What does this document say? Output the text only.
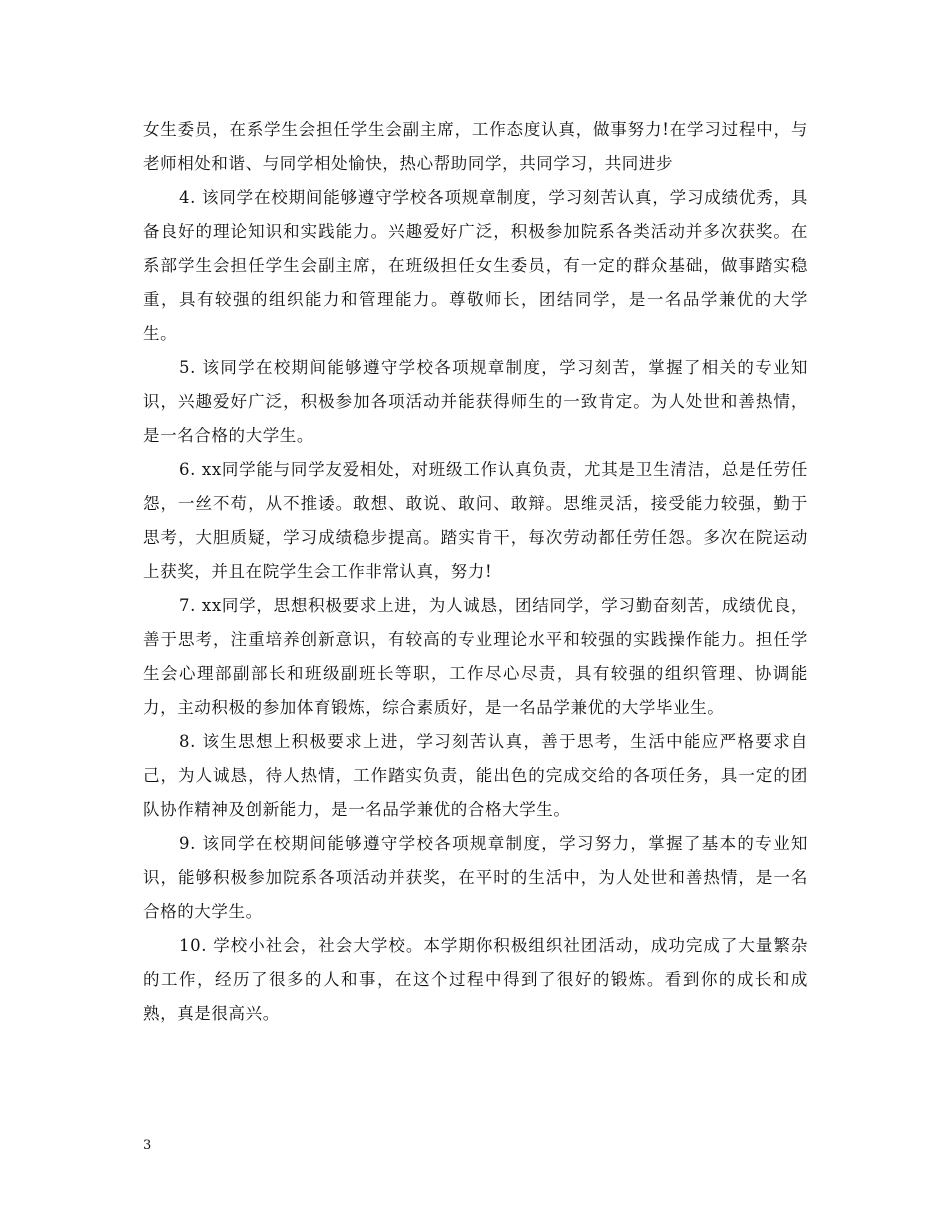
女生委员，在系学生会担任学生会副主席，工作态度认真，做事努力!在学习过程中，与老师相处和谐、与同学相处愉快，热心帮助同学，共同学习，共同进步

4. 该同学在校期间能够遵守学校各项规章制度，学习刻苦认真，学习成绩优秀，具备良好的理论知识和实践能力。兴趣爱好广泛，积极参加院系各类活动并多次获奖。在系部学生会担任学生会副主席，在班级担任女生委员，有一定的群众基础，做事踏实稳重，具有较强的组织能力和管理能力。尊敬师长，团结同学，是一名品学兼优的大学生。

5. 该同学在校期间能够遵守学校各项规章制度，学习刻苦，掌握了相关的专业知识，兴趣爱好广泛，积极参加各项活动并能获得师生的一致肯定。为人处世和善热情，是一名合格的大学生。

6. xx同学能与同学友爱相处，对班级工作认真负责，尤其是卫生清洁，总是任劳任怨，一丝不苟，从不推诿。敢想、敢说、敢问、敢辩。思维灵活，接受能力较强，勤于思考，大胆质疑，学习成绩稳步提高。踏实肯干，每次劳动都任劳任怨。多次在院运动上获奖，并且在院学生会工作非常认真，努力!

7. xx同学，思想积极要求上进，为人诚恳，团结同学，学习勤奋刻苦，成绩优良，善于思考，注重培养创新意识，有较高的专业理论水平和较强的实践操作能力。担任学生会心理部副部长和班级副班长等职，工作尽心尽责，具有较强的组织管理、协调能力，主动积极的参加体育锻炼，综合素质好，是一名品学兼优的大学毕业生。

8. 该生思想上积极要求上进，学习刻苦认真，善于思考，生活中能应严格要求自己，为人诚恳，待人热情，工作踏实负责，能出色的完成交给的各项任务，具一定的团队协作精神及创新能力，是一名品学兼优的合格大学生。

9. 该同学在校期间能够遵守学校各项规章制度，学习努力，掌握了基本的专业知识，能够积极参加院系各项活动并获奖，在平时的生活中，为人处世和善热情，是一名合格的大学生。

10. 学校小社会，社会大学校。本学期你积极组织社团活动，成功完成了大量繁杂的工作，经历了很多的人和事，在这个过程中得到了很好的锻炼。看到你的成长和成熟，真是很高兴。

3
